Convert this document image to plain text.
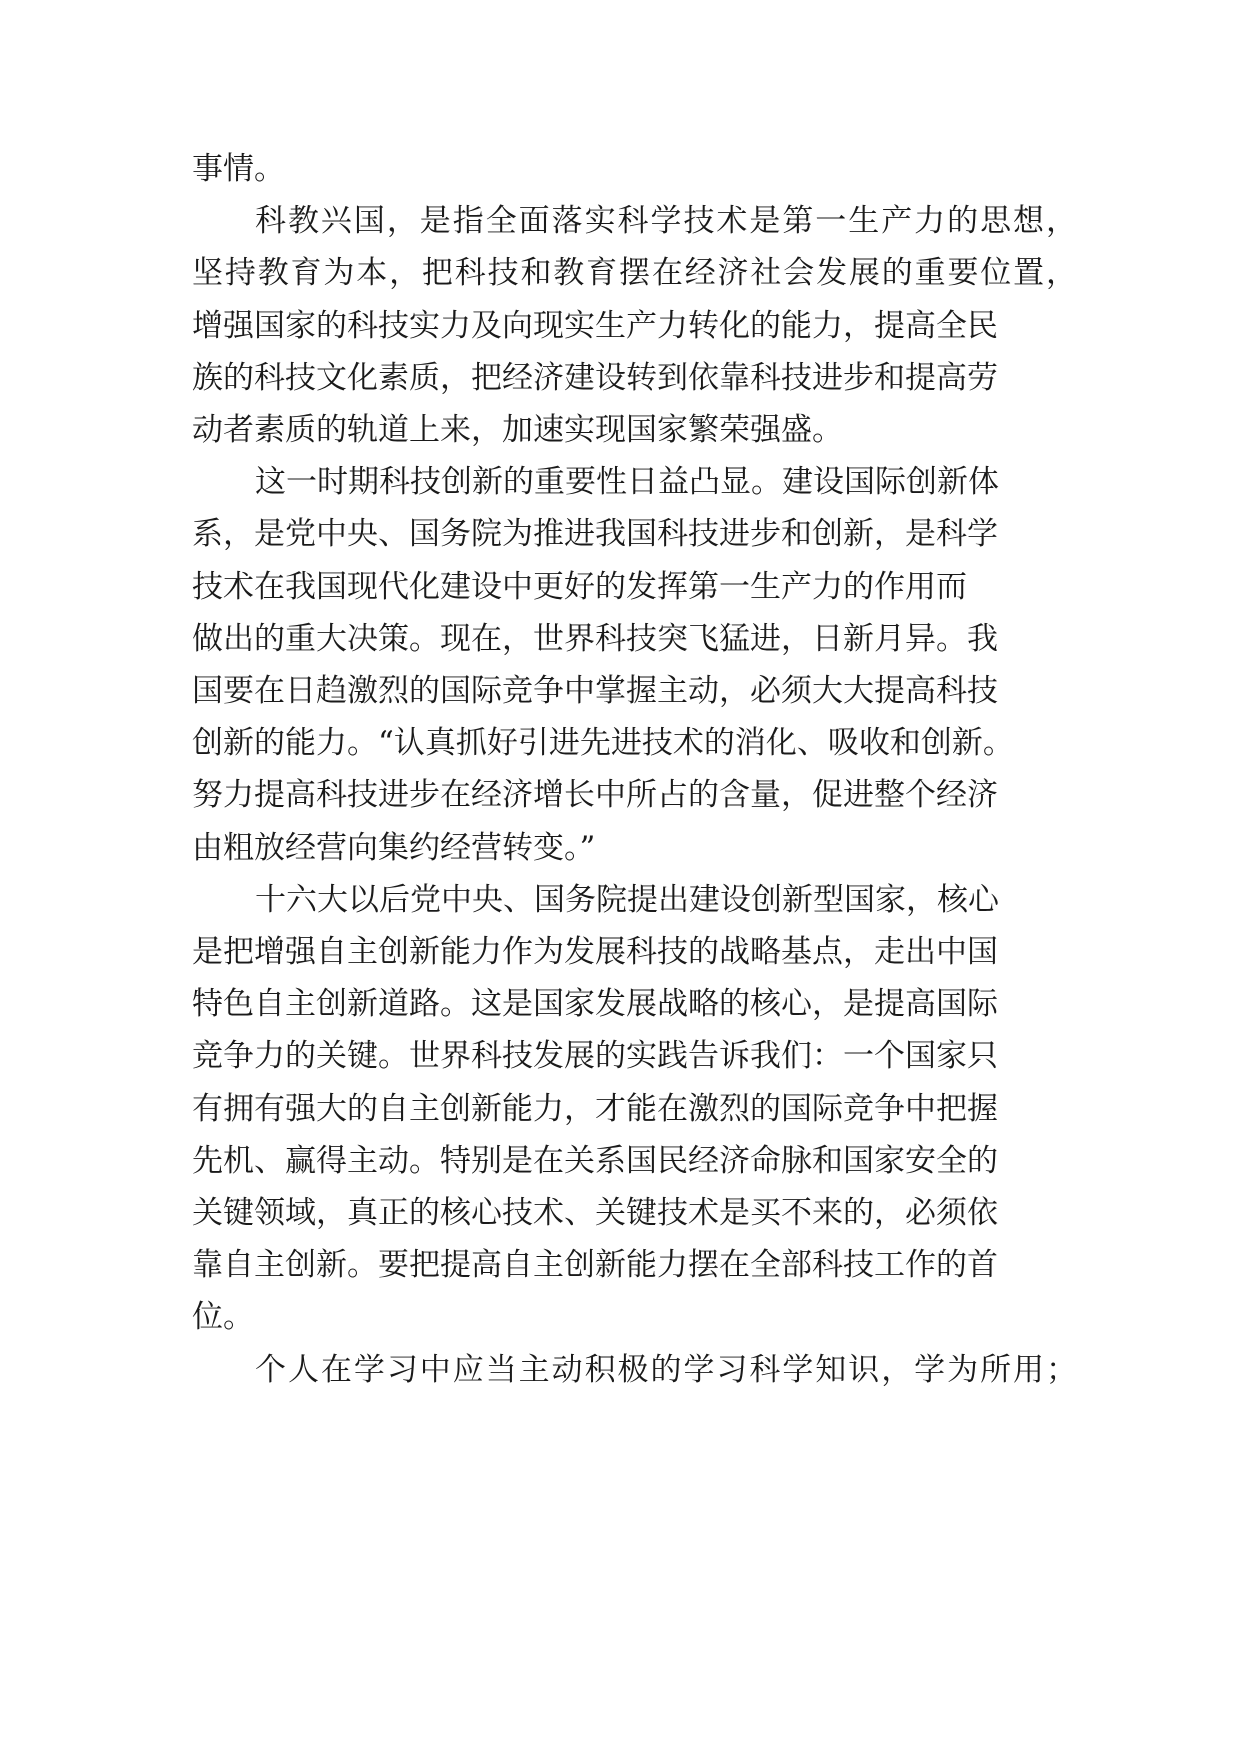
事情。
科教兴国，是指全面落实科学技术是第一生产力的思想，
坚持教育为本，把科技和教育摆在经济社会发展的重要位置，
增强国家的科技实力及向现实生产力转化的能力，提高全民
族的科技文化素质，把经济建设转到依靠科技进步和提高劳
动者素质的轨道上来，加速实现国家繁荣强盛。
这一时期科技创新的重要性日益凸显。建设国际创新体
系，是党中央、国务院为推进我国科技进步和创新，是科学
技术在我国现代化建设中更好的发挥第一生产力的作用而
做出的重大决策。现在，世界科技突飞猛进，日新月异。我
国要在日趋激烈的国际竞争中掌握主动，必须大大提高科技
创新的能力。“认真抓好引进先进技术的消化、吸收和创新。
努力提高科技进步在经济增长中所占的含量，促进整个经济
由粗放经营向集约经营转变。”
十六大以后党中央、国务院提出建设创新型国家，核心
是把增强自主创新能力作为发展科技的战略基点，走出中国
特色自主创新道路。这是国家发展战略的核心，是提高国际
竞争力的关键。世界科技发展的实践告诉我们：一个国家只
有拥有强大的自主创新能力，才能在激烈的国际竞争中把握
先机、赢得主动。特别是在关系国民经济命脉和国家安全的
关键领域，真正的核心技术、关键技术是买不来的，必须依
靠自主创新。要把提高自主创新能力摆在全部科技工作的首
位。
个人在学习中应当主动积极的学习科学知识，学为所用；
